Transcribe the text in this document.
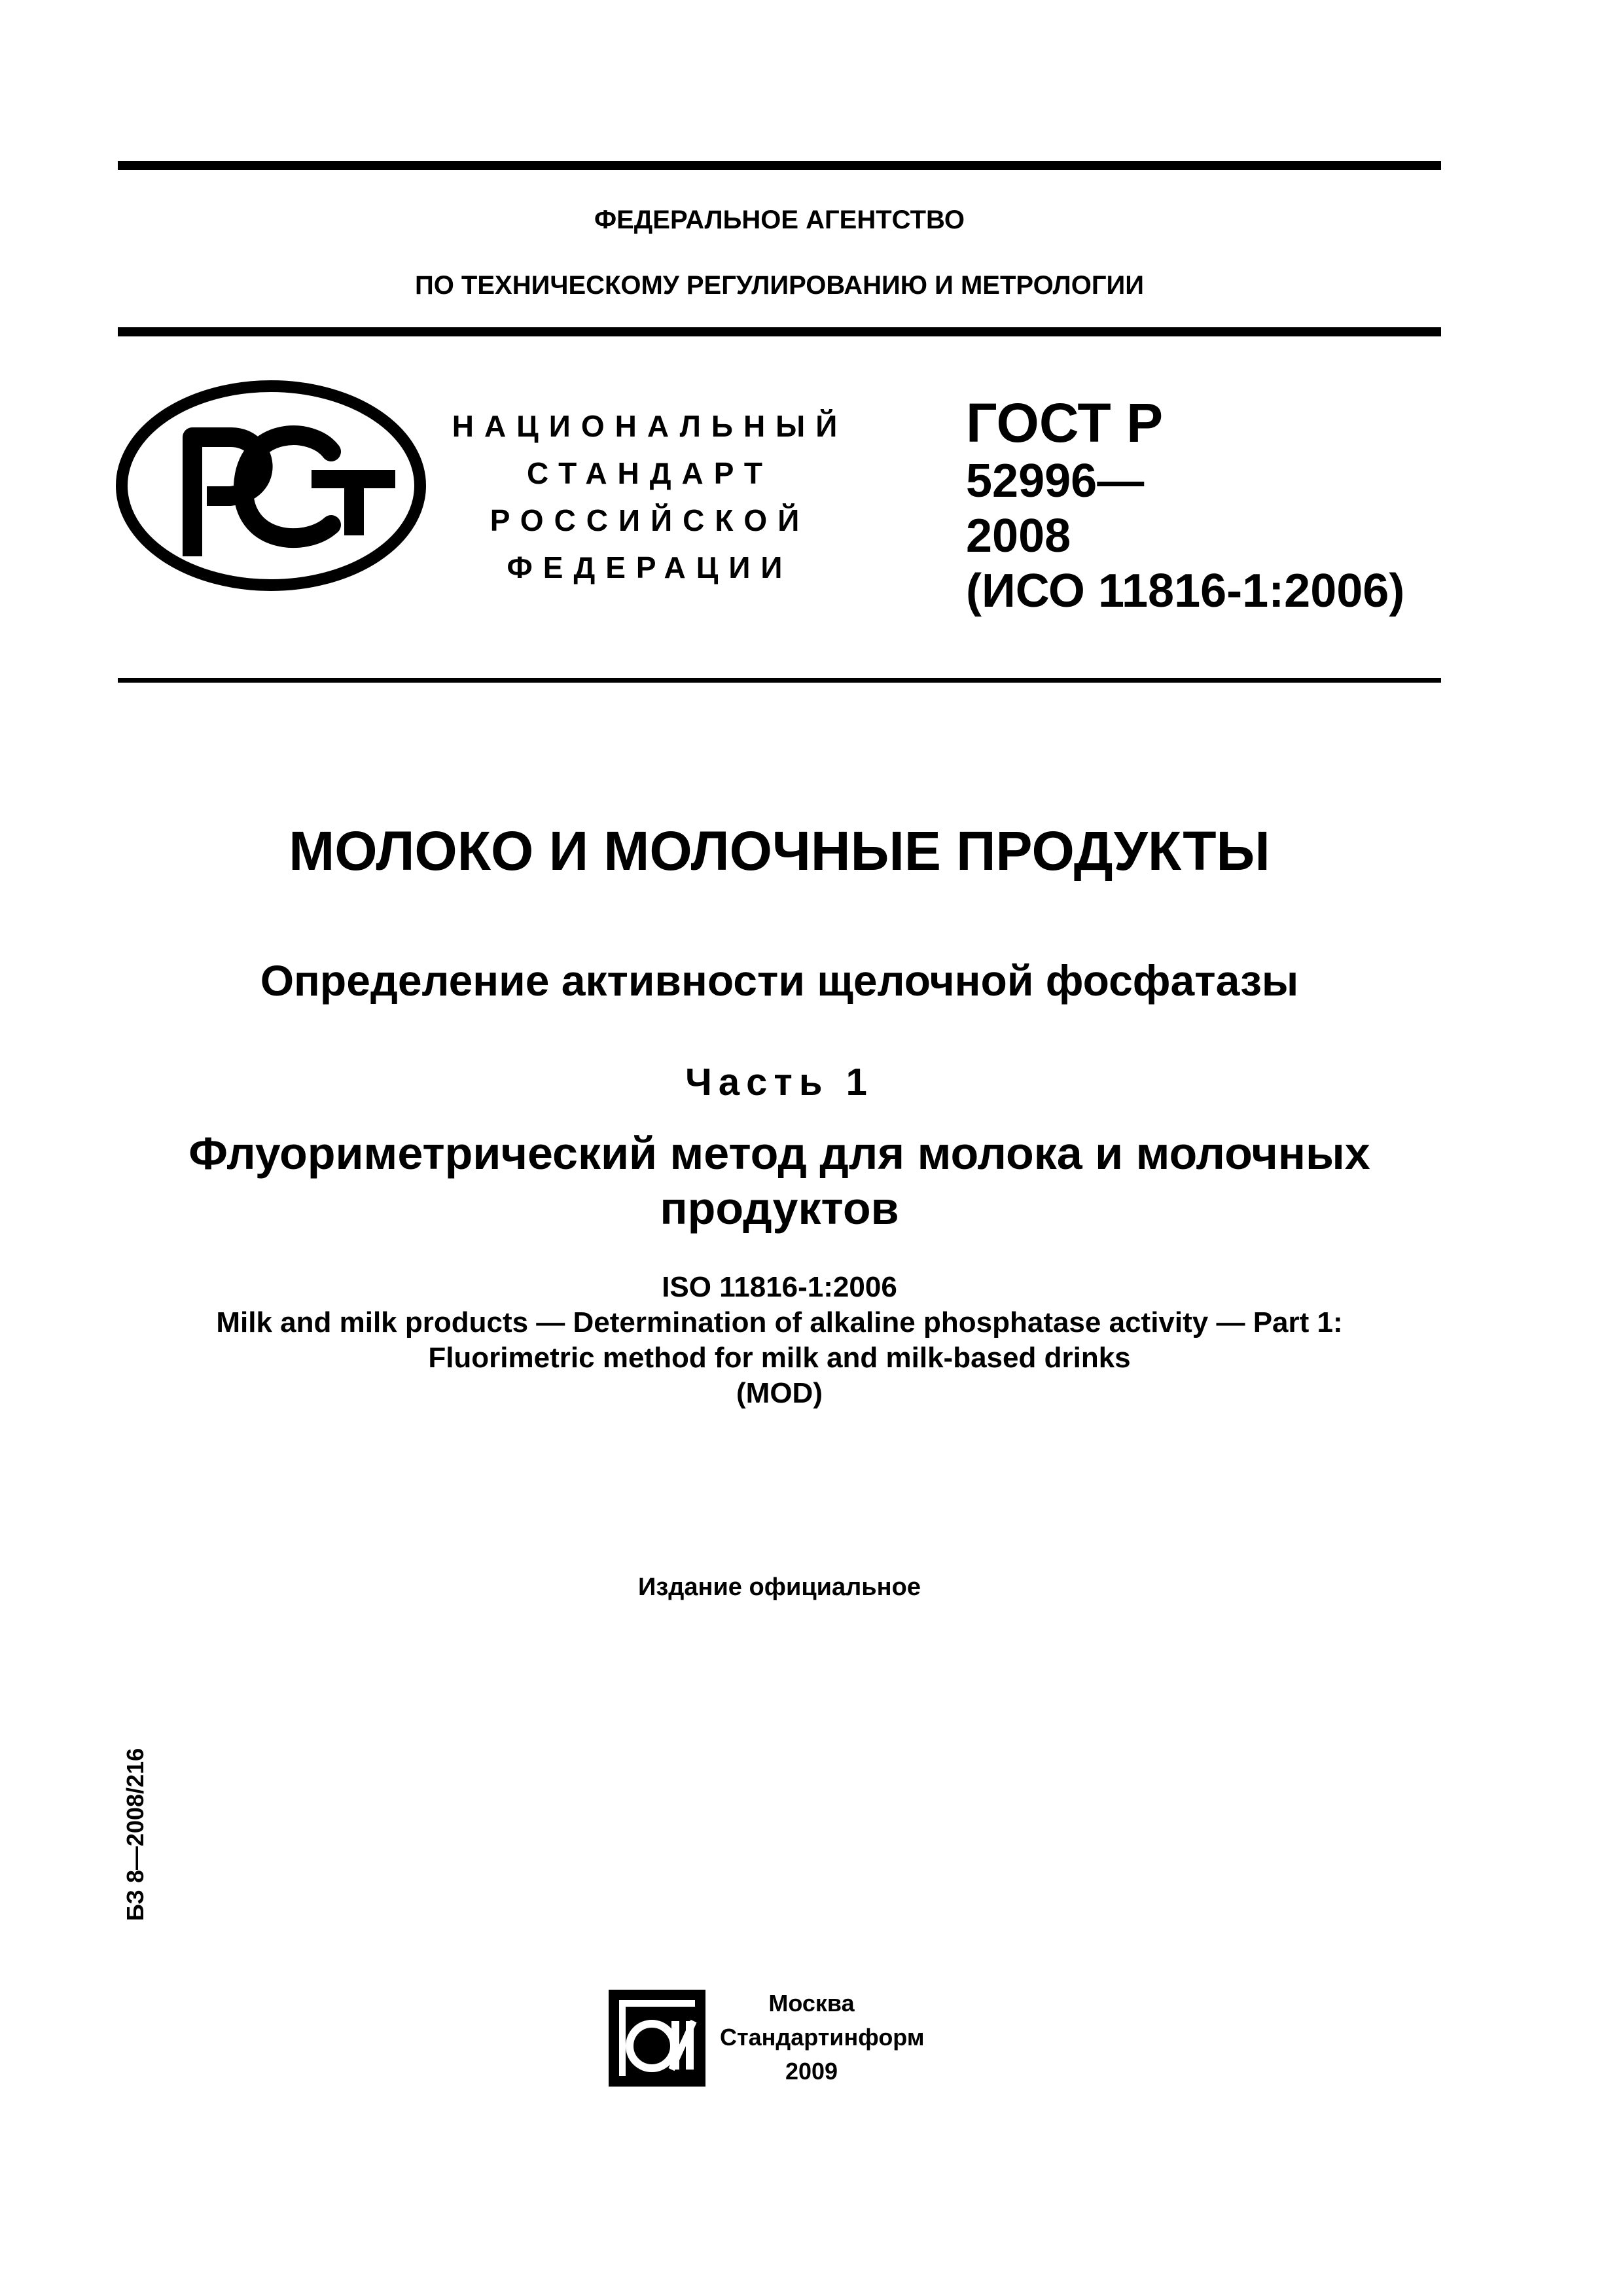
ФЕДЕРАЛЬНОЕ АГЕНТСТВО
ПО ТЕХНИЧЕСКОМУ РЕГУЛИРОВАНИЮ И МЕТРОЛОГИИ
НАЦИОНАЛЬНЫЙ
СТАНДАРТ
РОССИЙСКОЙ
ФЕДЕРАЦИИ
ГОСТ Р
52996—
2008
(ИСО 11816-1:2006)
МОЛОКО И МОЛОЧНЫЕ ПРОДУКТЫ
Определение активности щелочной фосфатазы
Часть 1
Флуориметрический метод для молока и молочных
продуктов
ISO 11816-1:2006
Milk and milk products — Determination of alkaline phosphatase activity — Part 1:
Fluorimetric method for milk and milk-based drinks
(MOD)
Издание официальное
БЗ 8—2008/216
Москва
Стандартинформ
2009
